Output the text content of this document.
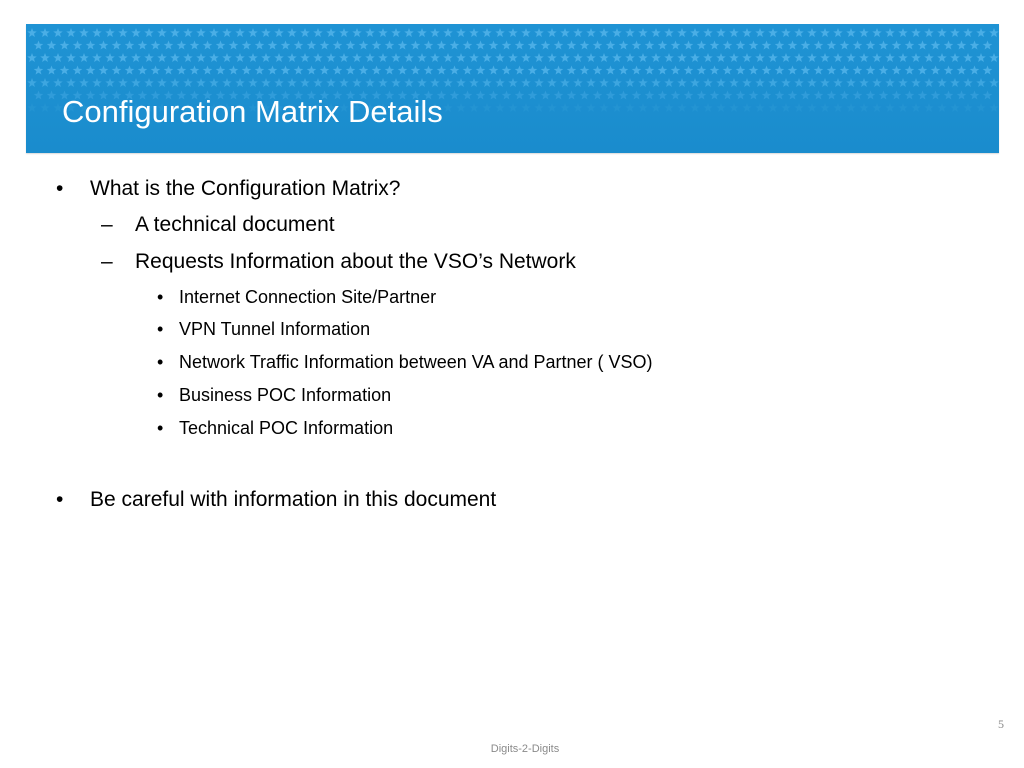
Configuration Matrix Details
• What is the Configuration Matrix?
– A technical document
– Requests Information about the VSO’s Network
• Internet Connection Site/Partner
• VPN Tunnel Information
• Network Traffic Information between VA and Partner ( VSO)
• Business POC Information
• Technical POC Information
• Be careful with information in this document
5
Digits-2-Digits
